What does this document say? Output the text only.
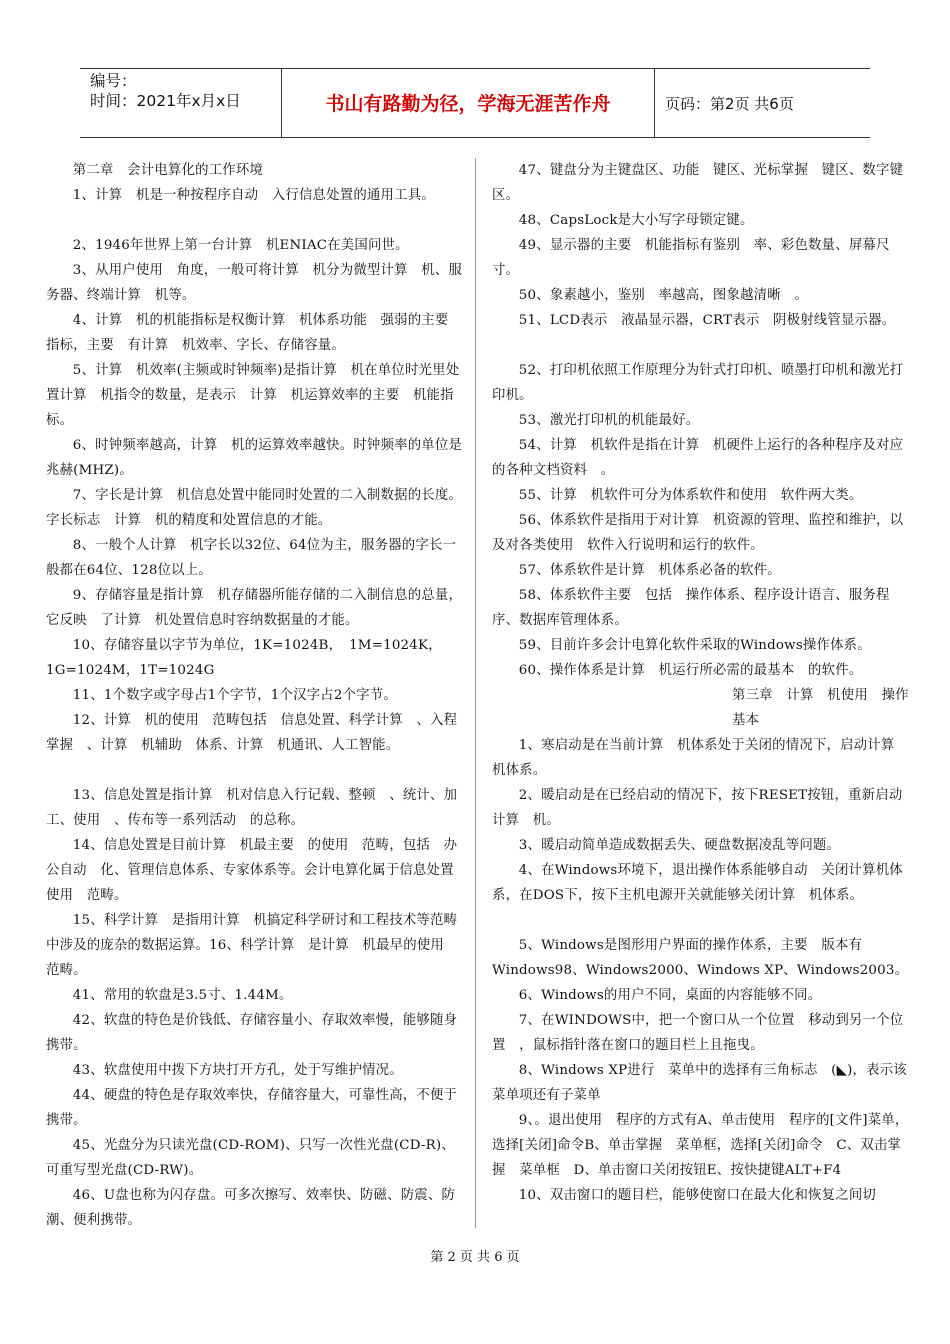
编号：
时间：2021年x月x日	书山有路勤为径，学海无涯苦作舟	页码：第2页 共6页

第二章　会计电算化的工作环境

1、计算　机是一种按程序自动　入行信息处置的通用工具。

2、1946年世界上第一台计算　机ENIAC在美国问世。

3、从用户使用　角度，一般可将计算　机分为微型计算　机、服务器、终端计算　机等。

4、计算　机的机能指标是权衡计算　机体系功能　强弱的主要　指标，主要　有计算　机效率、字长、存储容量。

5、计算　机效率(主频或时钟频率)是指计算　机在单位时光里处置计算　机指令的数量，是表示　计算　机运算效率的主要　机能指标。

6、时钟频率越高，计算　机的运算效率越快。时钟频率的单位是兆赫(MHZ)。

7、字长是计算　机信息处置中能同时处置的二入制数据的长度。字长标志　计算　机的精度和处置信息的才能。

8、一般个人计算　机字长以32位、64位为主，服务器的字长一般都在64位、128位以上。

9、存储容量是指计算　机存储器所能存储的二入制信息的总量，它反映　了计算　机处置信息时容纳数据量的才能。

10、存储容量以字节为单位，1K=1024B，　1M=1024K，1G=1024M，1T=1024G

11、1个数字或字母占1个字节，1个汉字占2个字节。

12、计算　机的使用　范畴包括　信息处置、科学计算　、入程掌握　、计算　机辅助　体系、计算　机通讯、人工智能。

13、信息处置是指计算　机对信息入行记载、整顿　、统计、加工、使用　、传布等一系列活动　的总称。

14、信息处置是目前计算　机最主要　的使用　范畴，包括　办公自动　化、管理信息体系、专家体系等。会计电算化属于信息处置使用　范畴。

15、科学计算　是指用计算　机搞定科学研讨和工程技术等范畴中涉及的庞杂的数据运算。16、科学计算　是计算　机最早的使用　范畴。

41、常用的软盘是3.5寸、1.44M。

42、软盘的特色是价钱低、存储容量小、存取效率慢，能够随身携带。

43、软盘使用中拨下方块打开方孔，处于写维护情况。

44、硬盘的特色是存取效率快，存储容量大，可靠性高，不便于携带。

45、光盘分为只读光盘(CD-ROM)、只写一次性光盘(CD-R)、可重写型光盘(CD-RW)。

46、U盘也称为闪存盘。可多次擦写、效率快、防磁、防震、防潮、便利携带。

47、键盘分为主键盘区、功能　键区、光标掌握　键区、数字键区。

48、CapsLock是大小写字母锁定键。

49、显示器的主要　机能指标有鉴别　率、彩色数量、屏幕尺寸。

50、象素越小，鉴别　率越高，图象越清晰　。

51、LCD表示　液晶显示器，CRT表示　阴极射线管显示器。

52、打印机依照工作原理分为针式打印机、喷墨打印机和激光打印机。

53、激光打印机的机能最好。

54、计算　机软件是指在计算　机硬件上运行的各种程序及对应的各种文档资料　。

55、计算　机软件可分为体系软件和使用　软件两大类。

56、体系软件是指用于对计算　机资源的管理、监控和维护，以及对各类使用　软件入行说明和运行的软件。

57、体系软件是计算　机体系必备的软件。

58、体系软件主要　包括　操作体系、程序设计语言、服务程序、数据库管理体系。

59、目前许多会计电算化软件采取的Windows操作体系。

60、操作体系是计算　机运行所必需的最基本　的软件。

第三章　计算　机使用　操作基本

1、寒启动是在当前计算　机体系处于关闭的情况下，启动计算　机体系。

2、暖启动是在已经启动的情况下，按下RESET按钮，重新启动计算　机。

3、暖启动简单造成数据丢失、硬盘数据凌乱等问题。

4、在Windows环境下，退出操作体系能够自动　关闭计算机体系，在DOS下，按下主机电源开关就能够关闭计算　机体系。

5、Windows是图形用户界面的操作体系，主要　版本有Windows98、Windows2000、Windows XP、Windows2003。

6、Windows的用户不同，桌面的内容能够不同。

7、在WINDOWS中，把一个窗口从一个位置　移动到另一个位置　，鼠标指针落在窗口的题目栏上且拖曳。

8、Windows XP进行　菜单中的选择有三角标志　(◣)，表示该菜单项还有子菜单

9、。退出使用　程序的方式有A、单击使用　程序的[文件]菜单，选择[关闭]命令B、单击掌握　菜单框，选择[关闭]命令　C、双击掌握　菜单框　D、单击窗口关闭按钮E、按快捷键ALT+F4

10、双击窗口的题目栏，能够使窗口在最大化和恢复之间切

第 2 页 共 6 页
